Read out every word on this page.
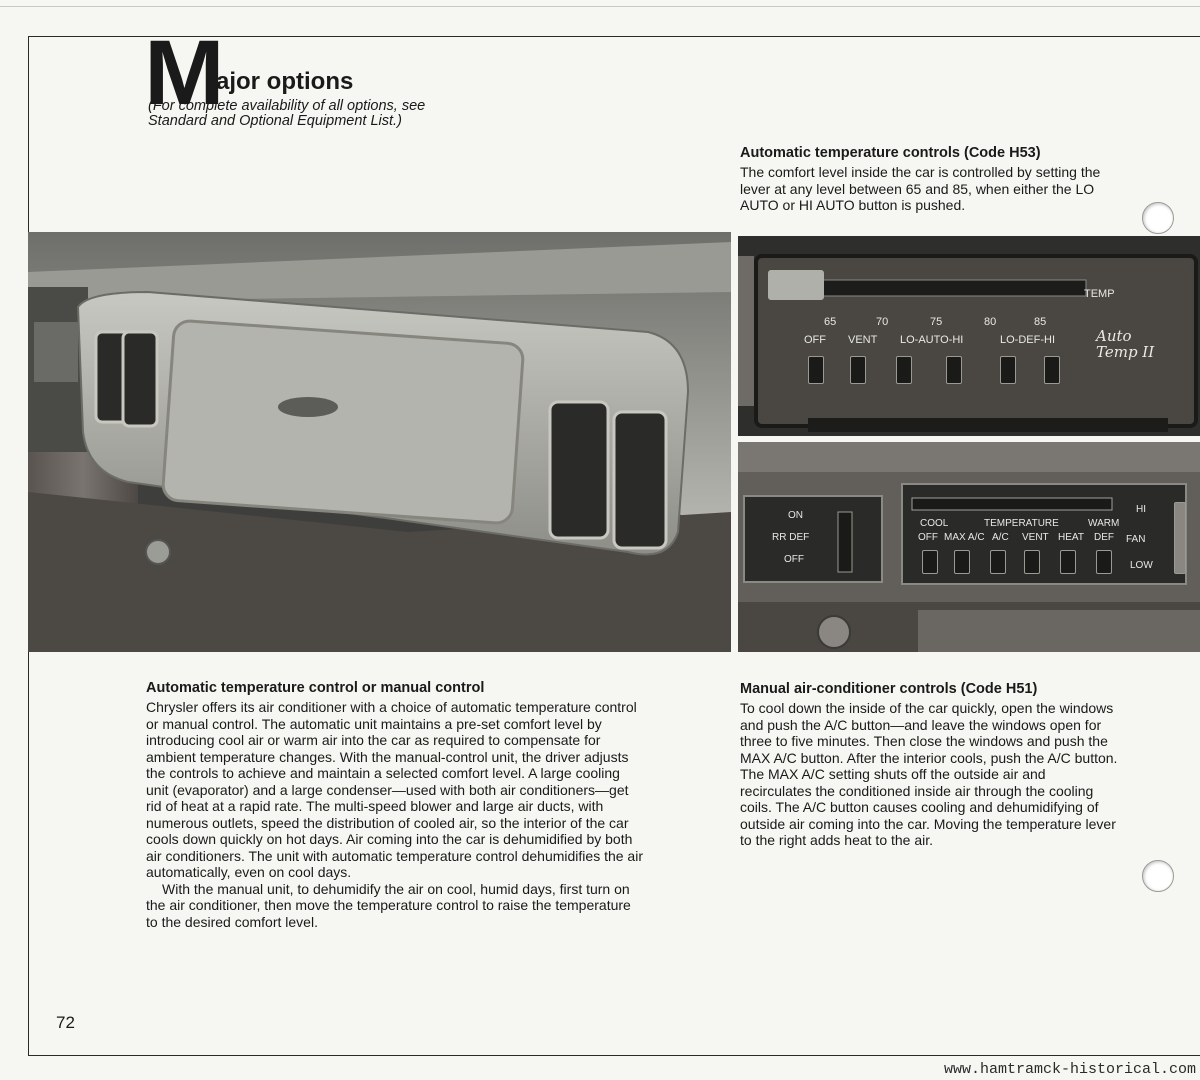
M
ajor options
(For complete availability of all options, see Standard and Optional Equipment List.)
Automatic temperature controls (Code H53)

The comfort level inside the car is controlled by setting the lever at any level between 65 and 85, when either the LO AUTO or HI AUTO button is pushed.

TEMP
65	70	75	80	85
OFF VENT LO-AUTO-HI	LO-DEF-HI	Auto Temp II
ON
RR DEF
OFF
COOL	TEMPERATURE	WARM
OFF MAX A/C A/C VENT HEAT DEF
HI
FAN
LOW
Automatic temperature control or manual control

Chrysler offers its air conditioner with a choice of automatic temperature control or manual control. The automatic unit maintains a pre-set comfort level by introducing cool air or warm air into the car as required to compensate for ambient temperature changes. With the manual-control unit, the driver adjusts the controls to achieve and maintain a selected comfort level. A large cooling unit (evaporator) and a large condenser—used with both air conditioners—get rid of heat at a rapid rate. The multi-speed blower and large air ducts, with numerous outlets, speed the distribution of cooled air, so the interior of the car cools down quickly on hot days. Air coming into the car is dehumidified by both air conditioners. The unit with automatic temperature control dehumidifies the air automatically, even on cool days.

With the manual unit, to dehumidify the air on cool, humid days, first turn on the air conditioner, then move the temperature control to raise the temperature to the desired comfort level.

Manual air-conditioner controls (Code H51)

To cool down the inside of the car quickly, open the windows and push the A/C button—and leave the windows open for three to five minutes. Then close the windows and push the MAX A/C button. After the interior cools, push the A/C button. The MAX A/C setting shuts off the outside air and recirculates the conditioned inside air through the cooling coils. The A/C button causes cooling and dehumidifying of outside air coming into the car. Moving the temperature lever to the right adds heat to the air.

72
www.hamtramck-historical.com
